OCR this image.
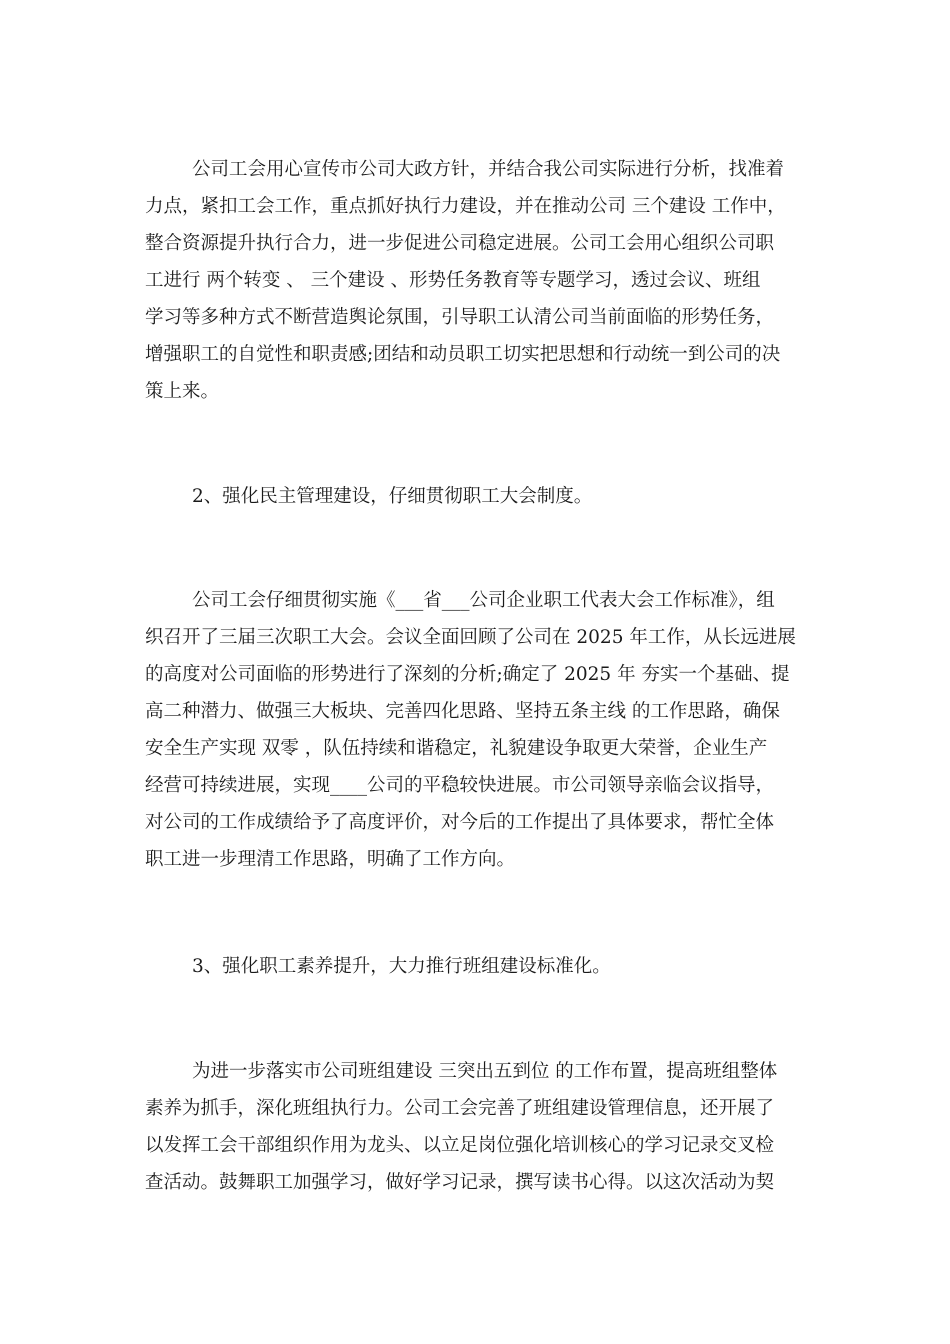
公司工会用心宣传市公司大政方针，并结合我公司实际进行分析，找准着
力点，紧扣工会工作，重点抓好执行力建设，并在推动公司 三个建设 工作中，
整合资源提升执行合力，进一步促进公司稳定进展。公司工会用心组织公司职
工进行 两个转变 、 三个建设 、形势任务教育等专题学习，透过会议、班组
学习等多种方式不断营造舆论氛围，引导职工认清公司当前面临的形势任务，
增强职工的自觉性和职责感;团结和动员职工切实把思想和行动统一到公司的决
策上来。
2、强化民主管理建设，仔细贯彻职工大会制度。
公司工会仔细贯彻实施《___省___公司企业职工代表大会工作标准》，组
织召开了三届三次职工大会。会议全面回顾了公司在 2025 年工作，从长远进展
的高度对公司面临的形势进行了深刻的分析;确定了 2025 年 夯实一个基础、提
高二种潜力、做强三大板块、完善四化思路、坚持五条主线 的工作思路，确保
安全生产实现 双零 ，队伍持续和谐稳定，礼貌建设争取更大荣誉，企业生产
经营可持续进展，实现____公司的平稳较快进展。市公司领导亲临会议指导，
对公司的工作成绩给予了高度评价，对今后的工作提出了具体要求，帮忙全体
职工进一步理清工作思路，明确了工作方向。
3、强化职工素养提升，大力推行班组建设标准化。
为进一步落实市公司班组建设 三突出五到位 的工作布置，提高班组整体
素养为抓手，深化班组执行力。公司工会完善了班组建设管理信息，还开展了
以发挥工会干部组织作用为龙头、以立足岗位强化培训核心的学习记录交叉检
查活动。鼓舞职工加强学习，做好学习记录，撰写读书心得。以这次活动为契
